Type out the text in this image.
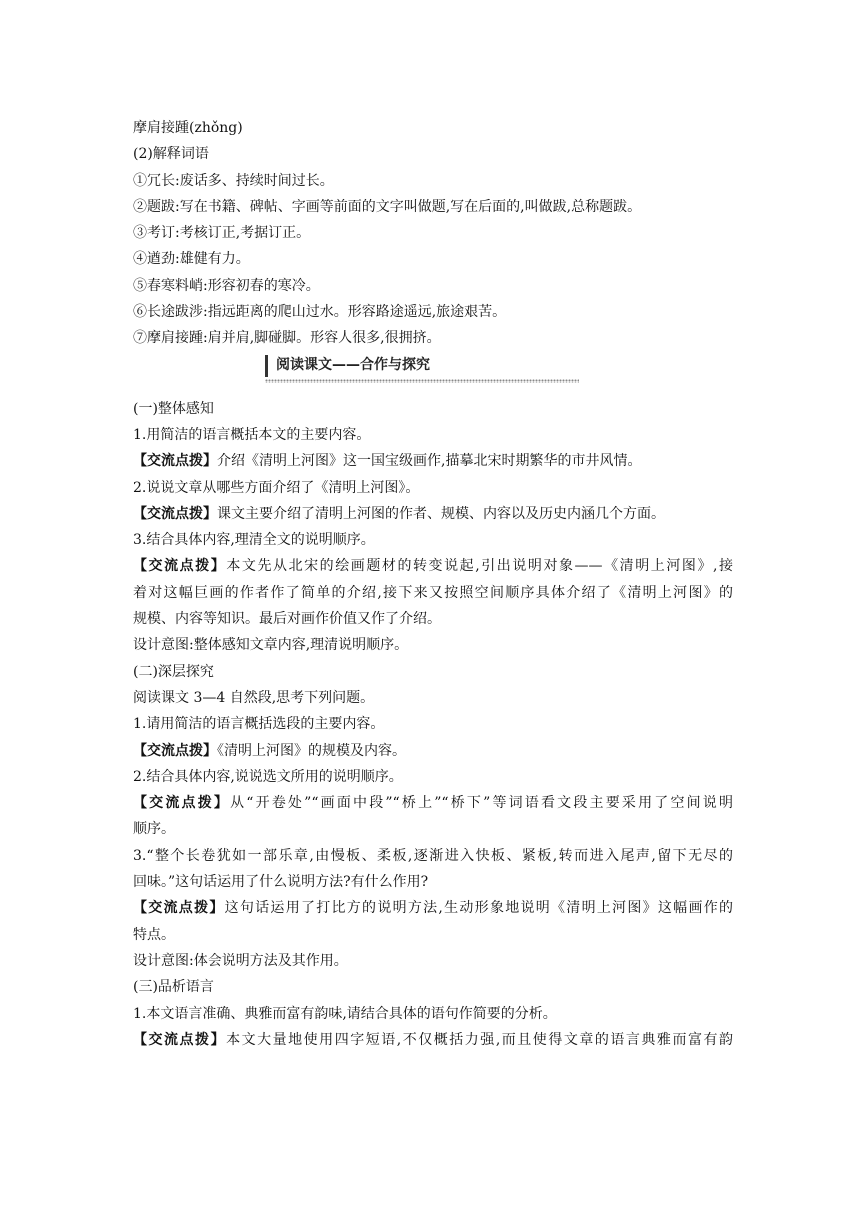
摩肩接踵(zhǒng)
(2)解释词语
①冗长:废话多、持续时间过长。
②题跋:写在书籍、碑帖、字画等前面的文字叫做题,写在后面的,叫做跋,总称题跋。
③考订:考核订正,考据订正。
④遒劲:雄健有力。
⑤春寒料峭:形容初春的寒冷。
⑥长途跋涉:指远距离的爬山过水。形容路途遥远,旅途艰苦。
⑦摩肩接踵:肩并肩,脚碰脚。形容人很多,很拥挤。
阅读课文——合作与探究
(一)整体感知
1.用简洁的语言概括本文的主要内容。
【交流点拨】介绍《清明上河图》这一国宝级画作,描摹北宋时期繁华的市井风情。
2.说说文章从哪些方面介绍了《清明上河图》。
【交流点拨】课文主要介绍了清明上河图的作者、规模、内容以及历史内涵几个方面。
3.结合具体内容,理清全文的说明顺序。
【交流点拨】本文先从北宋的绘画题材的转变说起,引出说明对象——《清明上河图》,接
着对这幅巨画的作者作了简单的介绍,接下来又按照空间顺序具体介绍了《清明上河图》的
规模、内容等知识。最后对画作价值又作了介绍。
设计意图:整体感知文章内容,理清说明顺序。
(二)深层探究
阅读课文 3—4 自然段,思考下列问题。
1.请用简洁的语言概括选段的主要内容。
【交流点拨】《清明上河图》的规模及内容。
2.结合具体内容,说说选文所用的说明顺序。
【交流点拨】从“开卷处”“画面中段”“桥上”“桥下”等词语看文段主要采用了空间说明
顺序。
3.“整个长卷犹如一部乐章,由慢板、柔板,逐渐进入快板、紧板,转而进入尾声,留下无尽的
回味。”这句话运用了什么说明方法?有什么作用?
【交流点拨】这句话运用了打比方的说明方法,生动形象地说明《清明上河图》这幅画作的
特点。
设计意图:体会说明方法及其作用。
(三)品析语言
1.本文语言准确、典雅而富有韵味,请结合具体的语句作简要的分析。
【交流点拨】本文大量地使用四字短语,不仅概括力强,而且使得文章的语言典雅而富有韵
